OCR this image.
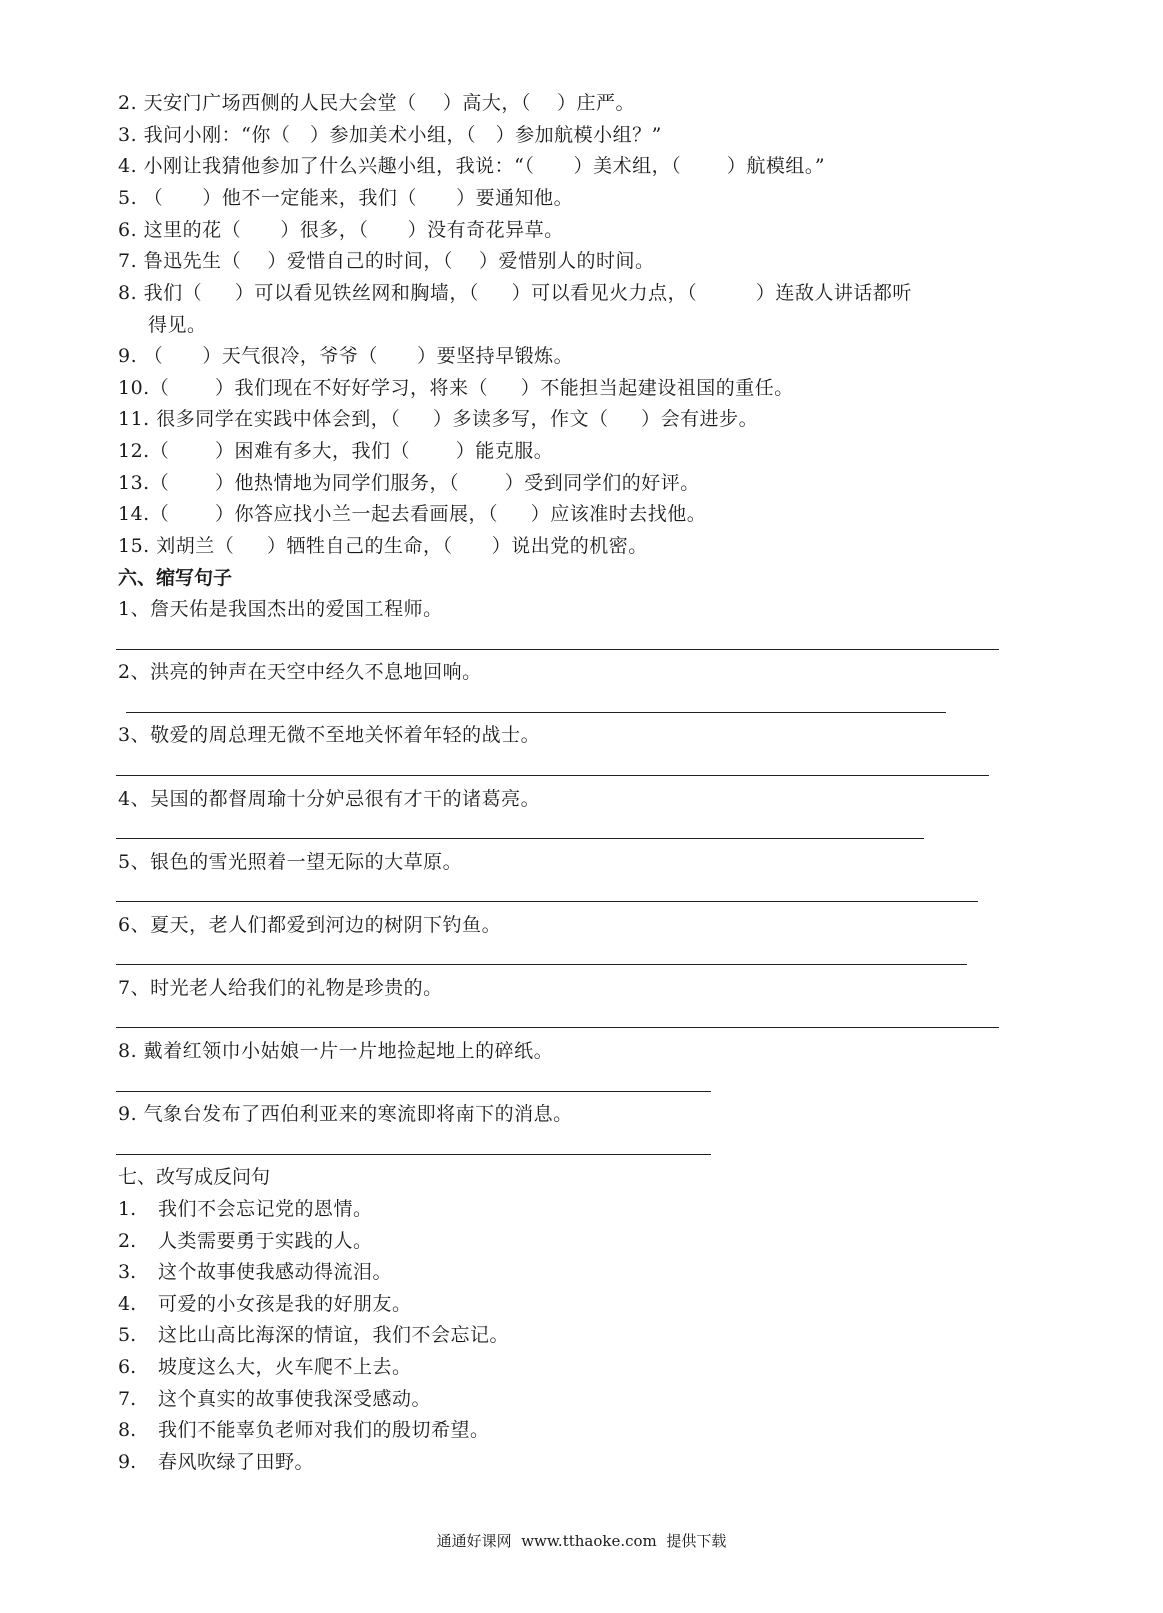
2. 天安门广场西侧的人民大会堂（    ）高大，（    ）庄严。
3. 我问小刚：“你（   ）参加美术小组，（   ）参加航模小组？”
4. 小刚让我猜他参加了什么兴趣小组，我说：“（      ）美术组，（       ）航模组。”
5. （      ）他不一定能来，我们（      ）要通知他。
6. 这里的花（      ）很多，（      ）没有奇花异草。
7. 鲁迅先生（    ）爱惜自己的时间，（    ）爱惜别人的时间。
8. 我们（     ）可以看见铁丝网和胸墙，（     ）可以看见火力点，（         ）连敌人讲话都听
得见。
9. （      ）天气很冷，爷爷（      ）要坚持早锻炼。
10.（       ）我们现在不好好学习，将来（     ）不能担当起建设祖国的重任。
11. 很多同学在实践中体会到，（     ）多读多写，作文（     ）会有进步。
12.（       ）困难有多大，我们（       ）能克服。
13.（       ）他热情地为同学们服务，（       ）受到同学们的好评。
14.（       ）你答应找小兰一起去看画展，（     ）应该准时去找他。
15. 刘胡兰（     ）牺牲自己的生命，（      ）说出党的机密。
六、缩写句子
1、詹天佑是我国杰出的爱国工程师。
2、洪亮的钟声在天空中经久不息地回响。
3、敬爱的周总理无微不至地关怀着年轻的战士。
4、吴国的都督周瑜十分妒忌很有才干的诸葛亮。
5、银色的雪光照着一望无际的大草原。
6、夏天，老人们都爱到河边的树阴下钓鱼。
7、时光老人给我们的礼物是珍贵的。
8. 戴着红领巾小姑娘一片一片地捡起地上的碎纸。
9. 气象台发布了西伯利亚来的寒流即将南下的消息。
七、改写成反问句
1. 我们不会忘记党的恩情。
2. 人类需要勇于实践的人。
3. 这个故事使我感动得流泪。
4. 可爱的小女孩是我的好朋友。
5. 这比山高比海深的情谊，我们不会忘记。
6. 坡度这么大，火车爬不上去。
7. 这个真实的故事使我深受感动。
8. 我们不能辜负老师对我们的殷切希望。
9. 春风吹绿了田野。
通通好课网  www.tthaoke.com  提供下载
